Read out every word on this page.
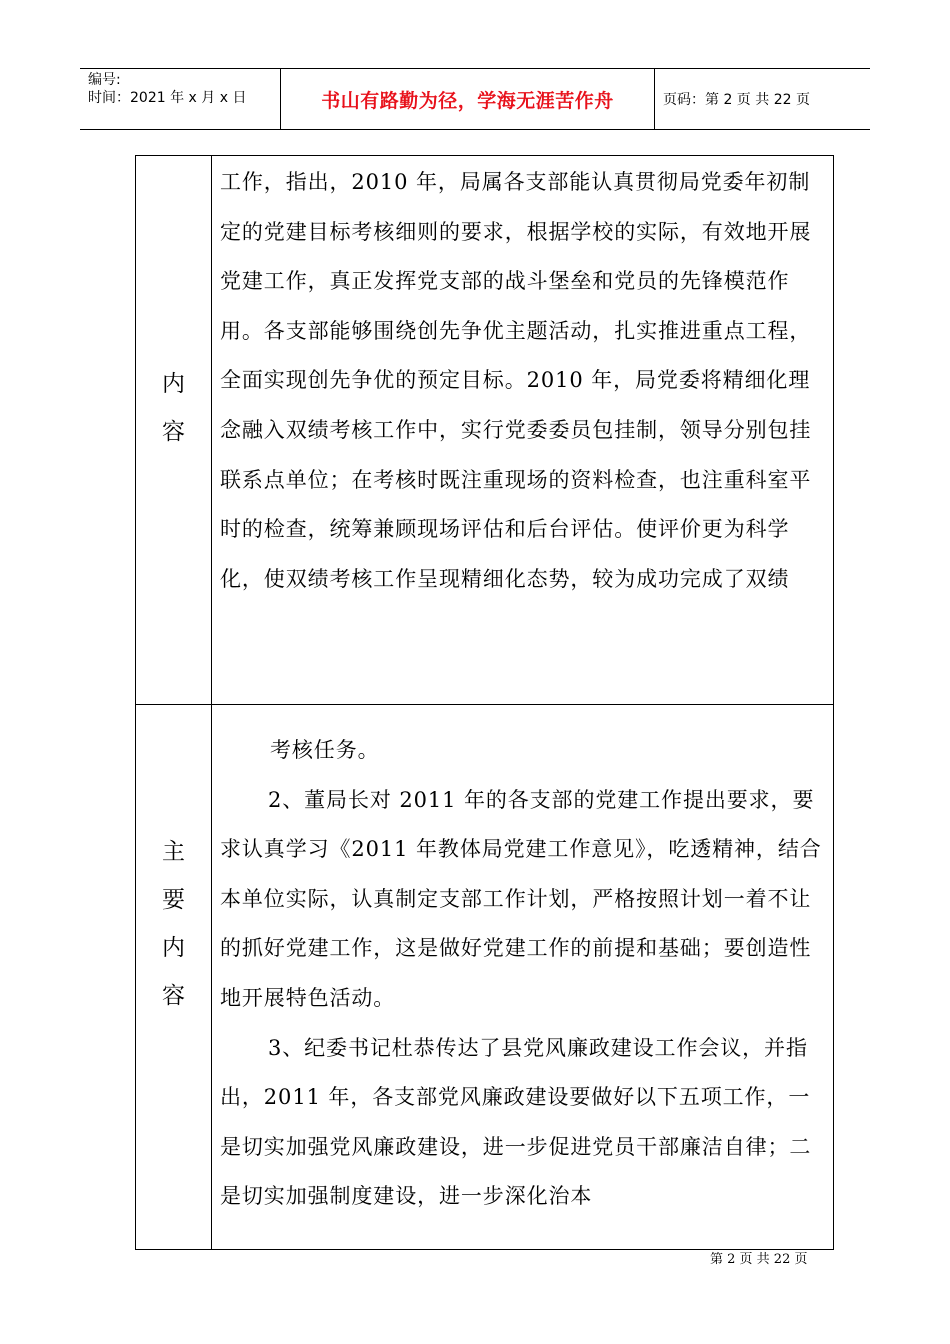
编号:
时间：2021 年 x 月 x 日	书山有路勤为径，学海无涯苦作舟	页码：第 2 页 共 22 页
内
容

工作，指出，2010 年，局属各支部能认真贯彻局党委年初制定的党建目标考核细则的要求，根据学校的实际，有效地开展党建工作，真正发挥党支部的战斗堡垒和党员的先锋模范作用。各支部能够围绕创先争优主题活动，扎实推进重点工程，全面实现创先争优的预定目标。2010 年，局党委将精细化理念融入双绩考核工作中，实行党委委员包挂制，领导分别包挂联系点单位；在考核时既注重现场的资料检查，也注重科室平时的检查，统筹兼顾现场评估和后台评估。使评价更为科学化，使双绩考核工作呈现精细化态势，较为成功完成了双绩

主
要
内
容

考核任务。

2、董局长对 2011 年的各支部的党建工作提出要求，要求认真学习《2011 年教体局党建工作意见》，吃透精神，结合本单位实际，认真制定支部工作计划，严格按照计划一着不让的抓好党建工作，这是做好党建工作的前提和基础；要创造性地开展特色活动。

3、纪委书记杜恭传达了县党风廉政建设工作会议，并指出，2011 年，各支部党风廉政建设要做好以下五项工作，一是切实加强党风廉政建设，进一步促进党员干部廉洁自律；二是切实加强制度建设，进一步深化治本

第 2 页 共 22 页
